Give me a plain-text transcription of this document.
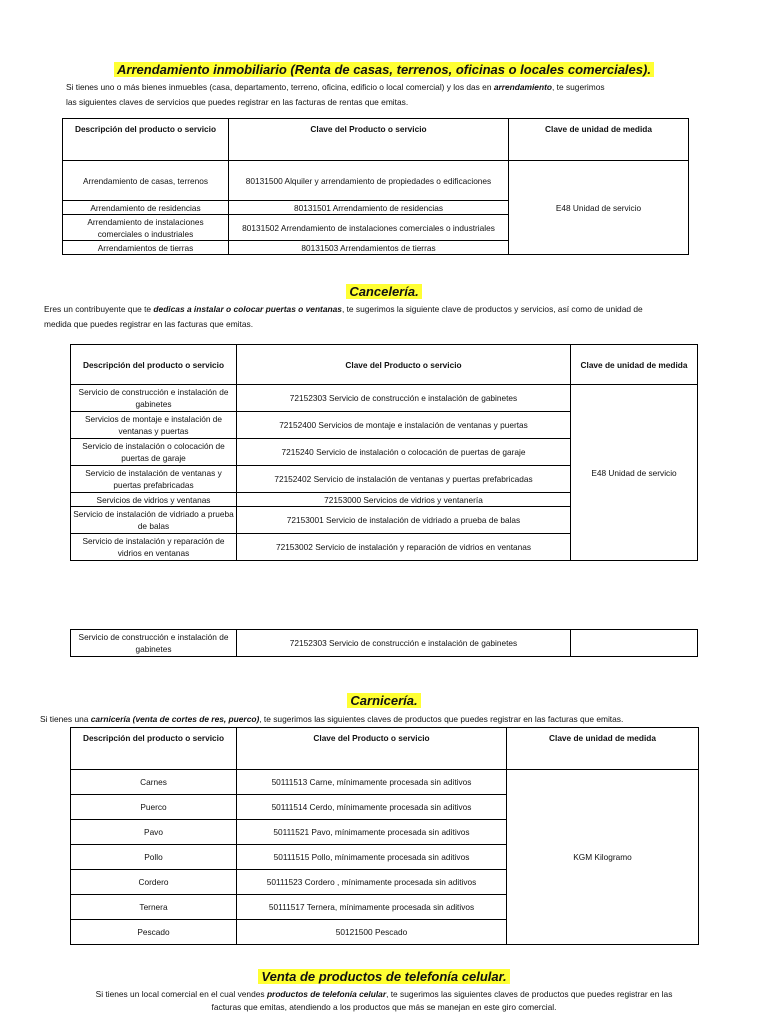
Arrendamiento inmobiliario (Renta de casas, terrenos, oficinas o locales comerciales).

Si tienes uno o más bienes inmuebles (casa, departamento, terreno, oficina, edificio o local comercial) y los das en arrendamiento, te sugerimos
las siguientes claves de servicios que puedes registrar en las facturas de rentas que emitas.

Descripción del producto o servicio	Clave del Producto o servicio	Clave de unidad de medida
Arrendamiento de casas, terrenos	80131500 Alquiler y arrendamiento de propiedades o edificaciones	E48 Unidad de servicio
Arrendamiento de residencias	80131501 Arrendamiento de residencias	
Arrendamiento de instalaciones comerciales o industriales	80131502 Arrendamiento de instalaciones comerciales o industriales	
Arrendamientos de tierras	80131503 Arrendamientos de tierras	
Cancelería.

Eres un contribuyente que te dedicas a instalar o colocar puertas o ventanas, te sugerimos la siguiente clave de productos y servicios, así como de unidad de
medida que puedes registrar en las facturas que emitas.

Descripción del producto o servicio	Clave del Producto o servicio	Clave de unidad de medida
Servicio de construcción e instalación de gabinetes	72152303 Servicio de construcción e instalación de gabinetes	E48 Unidad de servicio
Servicios de montaje e instalación de ventanas y puertas	72152400 Servicios de montaje e instalación de ventanas y puertas	
Servicio de instalación o colocación de puertas de garaje	7215240 Servicio de instalación o colocación de puertas de garaje	
Servicio de instalación de ventanas y puertas prefabricadas	72152402 Servicio de instalación de ventanas y puertas prefabricadas	
Servicios de vidrios y ventanas	72153000 Servicios de vidrios y ventanería	
Servicio de instalación de vidriado a prueba de balas	72153001 Servicio de instalación de vidriado a prueba de balas	
Servicio de instalación y reparación de vidrios en ventanas	72153002 Servicio de instalación y reparación de vidrios en ventanas	
Servicio de construcción e instalación de gabinetes	72152303 Servicio de construcción e instalación de gabinetes	
Carnicería.

Si tienes una carnicería (venta de cortes de res, puerco), te sugerimos las siguientes claves de productos que puedes registrar en las facturas que emitas.

Descripción del producto o servicio	Clave del Producto o servicio	Clave de unidad de medida
Carnes	50111513 Carne, mínimamente procesada sin aditivos	KGM Kilogramo
Puerco	50111514 Cerdo, mínimamente procesada sin aditivos	
Pavo	50111521 Pavo, mínimamente procesada sin aditivos	
Pollo	50111515 Pollo, mínimamente procesada sin aditivos	
Cordero	50111523 Cordero , mínimamente procesada sin aditivos	
Ternera	50111517 Ternera, mínimamente procesada sin aditivos	
Pescado	50121500 Pescado	
Venta de productos de telefonía celular.

Si tienes un local comercial en el cual vendes productos de telefonía celular, te sugerimos las siguientes claves de productos que puedes registrar en las
facturas que emitas, atendiendo a los productos que más se manejan en este giro comercial.
